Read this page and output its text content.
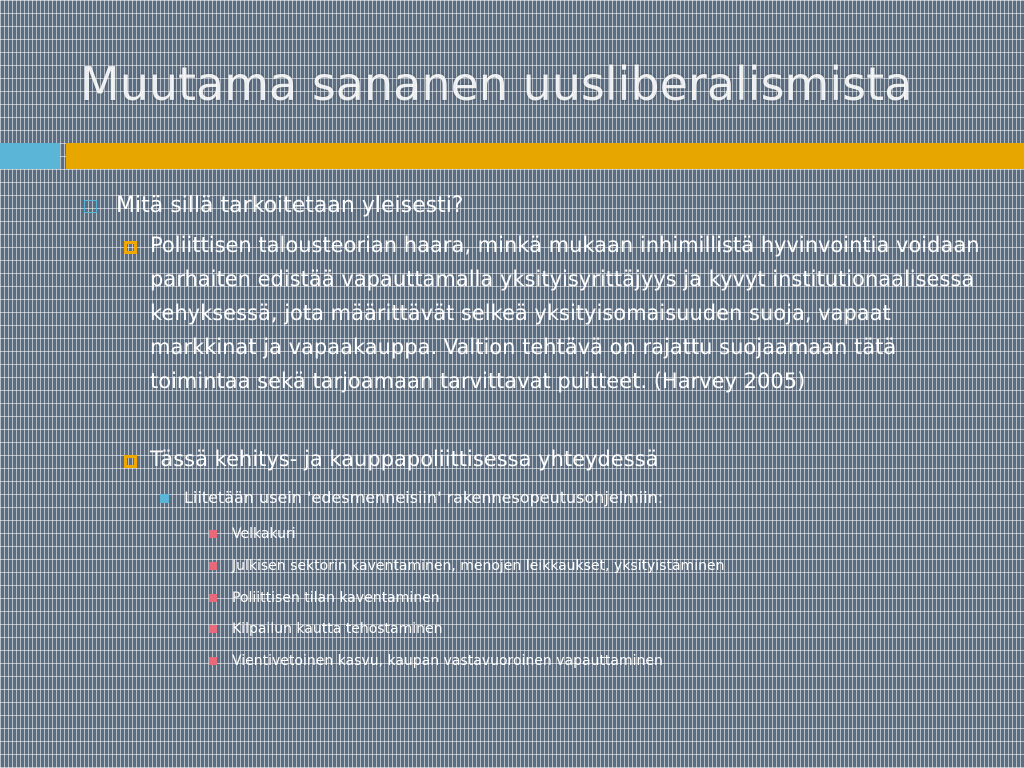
Muutama sananen uusliberalismista
Mitä sillä tarkoitetaan yleisesti?
Poliittisen talousteorian haara, minkä mukaan inhimillistä hyvinvointia voidaan parhaiten edistää vapauttamalla yksityisyrittäjyys ja kyvyt institutionaalisessa kehyksessä, jota määrittävät selkeä yksityisomaisuuden suoja, vapaat markkinat ja vapaakauppa. Valtion tehtävä on rajattu suojaamaan tätä toimintaa sekä tarjoamaan tarvittavat puitteet. (Harvey 2005)
Tässä kehitys- ja kauppapoliittisessa yhteydessä
Liitetään usein 'edesmenneisiin' rakennesopeutusohjelmiin:
Velkakuri
Julkisen sektorin kaventaminen, menojen leikkaukset, yksityistäminen
Poliittisen tilan kaventaminen
Kilpailun kautta tehostaminen
Vientivetoinen kasvu, kaupan vastavuoroinen vapauttaminen
